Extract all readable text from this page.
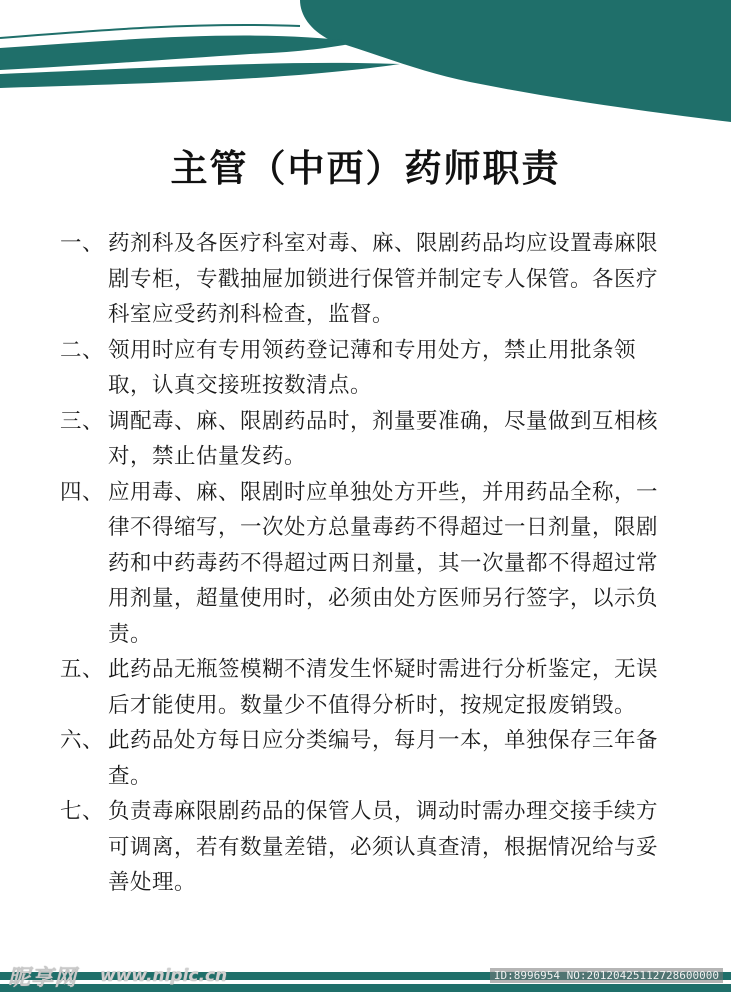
主管（中西）药师职责
一、 药剂科及各医疗科室对毒、麻、限剧药品均应设置毒麻限剧专柜，专戳抽屉加锁进行保管并制定专人保管。各医疗科室应受药剂科检查，监督。
二、 领用时应有专用领药登记薄和专用处方，禁止用批条领取，认真交接班按数清点。
三、 调配毒、麻、限剧药品时，剂量要准确，尽量做到互相核对，禁止估量发药。
四、 应用毒、麻、限剧时应单独处方开些，并用药品全称，一律不得缩写，一次处方总量毒药不得超过一日剂量，限剧药和中药毒药不得超过两日剂量，其一次量都不得超过常用剂量，超量使用时，必须由处方医师另行签字，以示负责。
五、 此药品无瓶签模糊不清发生怀疑时需进行分析鉴定，无误后才能使用。数量少不值得分析时，按规定报废销毁。
六、 此药品处方每日应分类编号，每月一本，单独保存三年备查。
七、 负责毒麻限剧药品的保管人员，调动时需办理交接手续方可调离，若有数量差错，必须认真查清，根据情况给与妥善处理。
昵享网 www.nipic.cn	ID:8996954 NO:20120425112728600000
